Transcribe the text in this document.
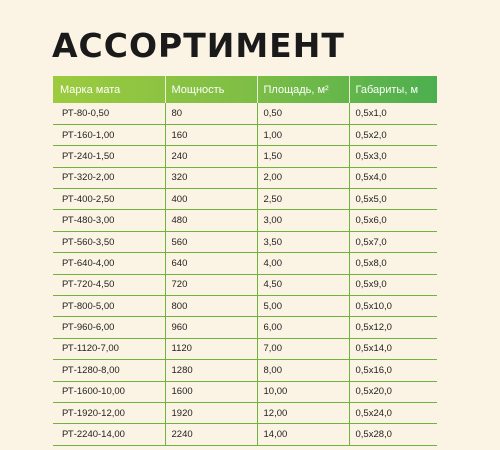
АССОРТИМЕНТ
Марка мата	Мощность	Площадь, м²	Габариты, м
РТ-80-0,50	80	0,50	0,5х1,0
РТ-160-1,00	160	1,00	0,5х2,0
РТ-240-1,50	240	1,50	0,5х3,0
РТ-320-2,00	320	2,00	0,5х4,0
РТ-400-2,50	400	2,50	0,5х5,0
РТ-480-3,00	480	3,00	0,5х6,0
РТ-560-3,50	560	3,50	0,5х7,0
РТ-640-4,00	640	4,00	0,5х8,0
РТ-720-4,50	720	4,50	0,5х9,0
РТ-800-5,00	800	5,00	0,5х10,0
РТ-960-6,00	960	6,00	0,5х12,0
РТ-1120-7,00	1120	7,00	0,5х14,0
РТ-1280-8,00	1280	8,00	0,5х16,0
РТ-1600-10,00	1600	10,00	0,5х20,0
РТ-1920-12,00	1920	12,00	0,5х24,0
РТ-2240-14,00	2240	14,00	0,5х28,0
